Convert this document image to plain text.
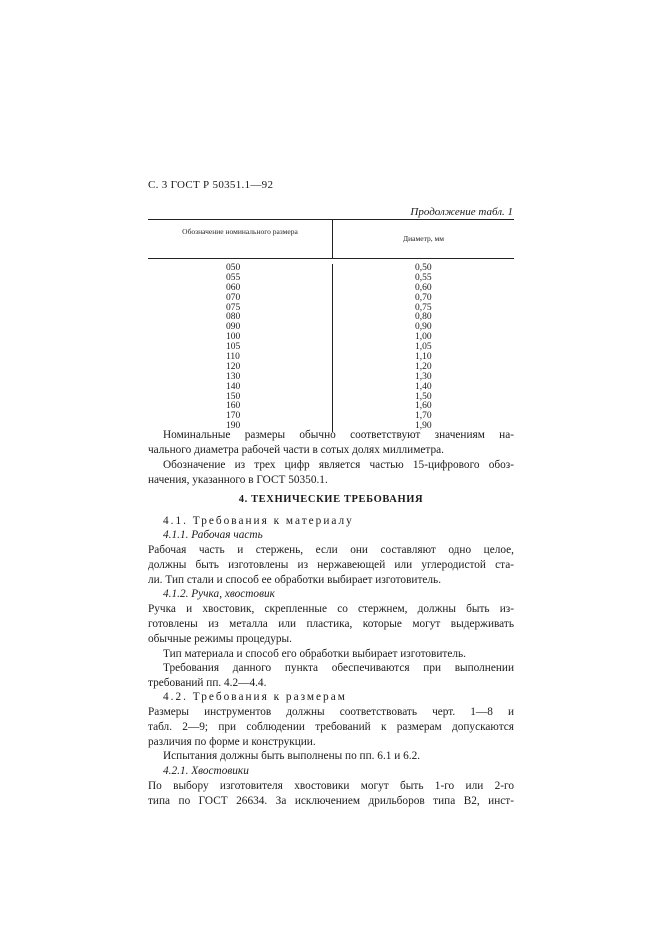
С. 3 ГОСТ Р 50351.1—92
Продолжение табл. 1
Обозначение номинального размера
Диаметр, мм
050
055
060
070
075
080
090
100
105
110
120
130
140
150
160
170
190
0,50
0,55
0,60
0,70
0,75
0,80
0,90
1,00
1,05
1,10
1,20
1,30
1,40
1,50
1,60
1,70
1,90
Номинальные размеры обычно соответствуют значениям на-
чального диаметра рабочей части в сотых долях миллиметра.
Обозначение из трех цифр является частью 15-цифрового обоз-
начения, указанного в ГОСТ 50350.1.
4. ТЕХНИЧЕСКИЕ ТРЕБОВАНИЯ
4.1. Требования к материалу
4.1.1. Рабочая часть
Рабочая часть и стержень, если они составляют одно целое,
должны быть изготовлены из нержавеющей или углеродистой ста-
ли. Тип стали и способ ее обработки выбирает изготовитель.
4.1.2. Ручка, хвостовик
Ручка и хвостовик, скрепленные со стержнем, должны быть из-
готовлены из металла или пластика, которые могут выдерживать
обычные режимы процедуры.
Тип материала и способ его обработки выбирает изготовитель.
Требования данного пункта обеспечиваются при выполнении
требований пп. 4.2—4.4.
4.2. Требования к размерам
Размеры инструментов должны соответствовать черт. 1—8 и
табл. 2—9; при соблюдении требований к размерам допускаются
различия по форме и конструкции.
Испытания должны быть выполнены по пп. 6.1 и 6.2.
4.2.1. Хвостовики
По выбору изготовителя хвостовики могут быть 1-го или 2-го
типа по ГОСТ 26634. За исключением дрильборов типа В2, инст-
